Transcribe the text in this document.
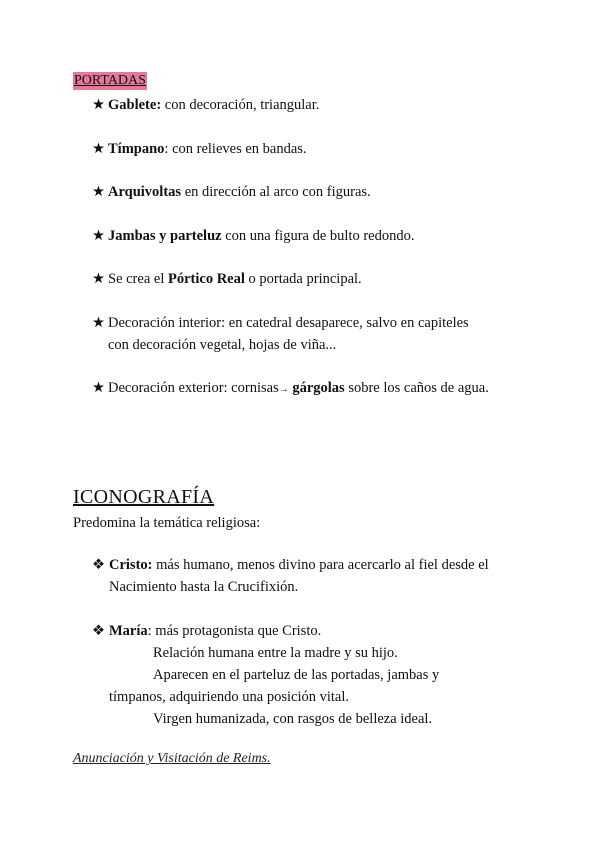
PORTADAS
★ Gablete: con decoración, triangular.
★ Tímpano: con relieves en bandas.
★ Arquivoltas en dirección al arco con figuras.
★ Jambas y parteluz con una figura de bulto redondo.
★ Se crea el Pórtico Real o portada principal.
★ Decoración interior: en catedral desaparece, salvo en capiteles
con decoración vegetal, hojas de viña...
★ Decoración exterior: cornisas→ gárgolas sobre los caños de agua.
ICONOGRAFÍA
Predomina la temática religiosa:
❖ Cristo: más humano, menos divino para acercarlo al fiel desde el
Nacimiento hasta la Crucifixión.
❖ María: más protagonista que Cristo.
Relación humana entre la madre y su hijo.
Aparecen en el parteluz de las portadas, jambas y
tímpanos, adquiriendo una posición vital.
Virgen humanizada, con rasgos de belleza ideal.
Anunciación y Visitación de Reims.
